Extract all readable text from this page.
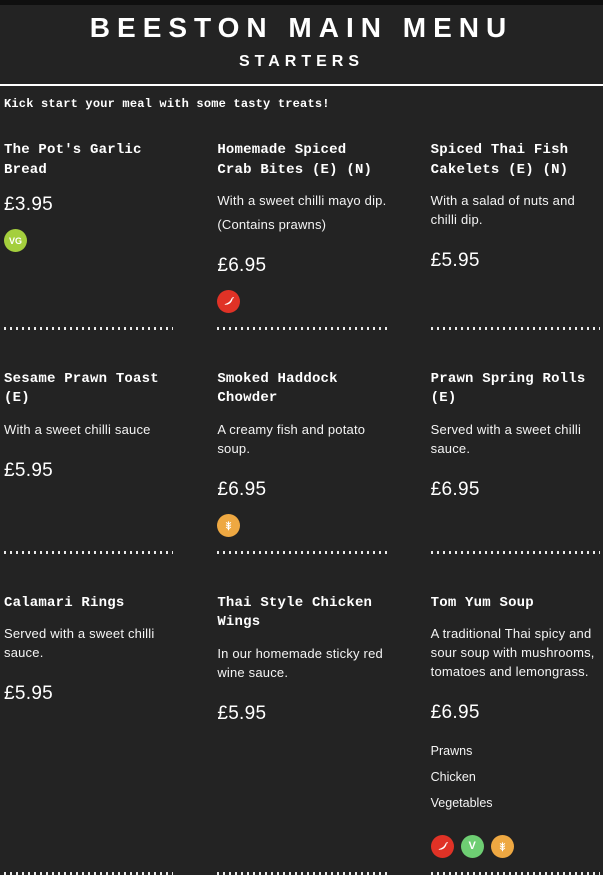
BEESTON MAIN MENU
STARTERS

Kick start your meal with some tasty treats!

The Pot's Garlic Bread
£3.95
VG
Homemade Spiced Crab Bites (E) (N)

With a sweet chilli mayo dip.

(Contains prawns)

£6.95
Spiced Thai Fish Cakelets (E) (N)

With a salad of nuts and chilli dip.

£5.95
Sesame Prawn Toast (E)

With a sweet chilli sauce

£5.95
Smoked Haddock Chowder

A creamy fish and potato soup.

£6.95
Prawn Spring Rolls (E)

Served with a sweet chilli sauce.

£6.95
Calamari Rings

Served with a sweet chilli sauce.

£5.95
Thai Style Chicken Wings

In our homemade sticky red wine sauce.

£5.95
Tom Yum Soup

A traditional Thai spicy and sour soup with mushrooms, tomatoes and lemongrass.

£6.95

Prawns

Chicken

Vegetables

V
